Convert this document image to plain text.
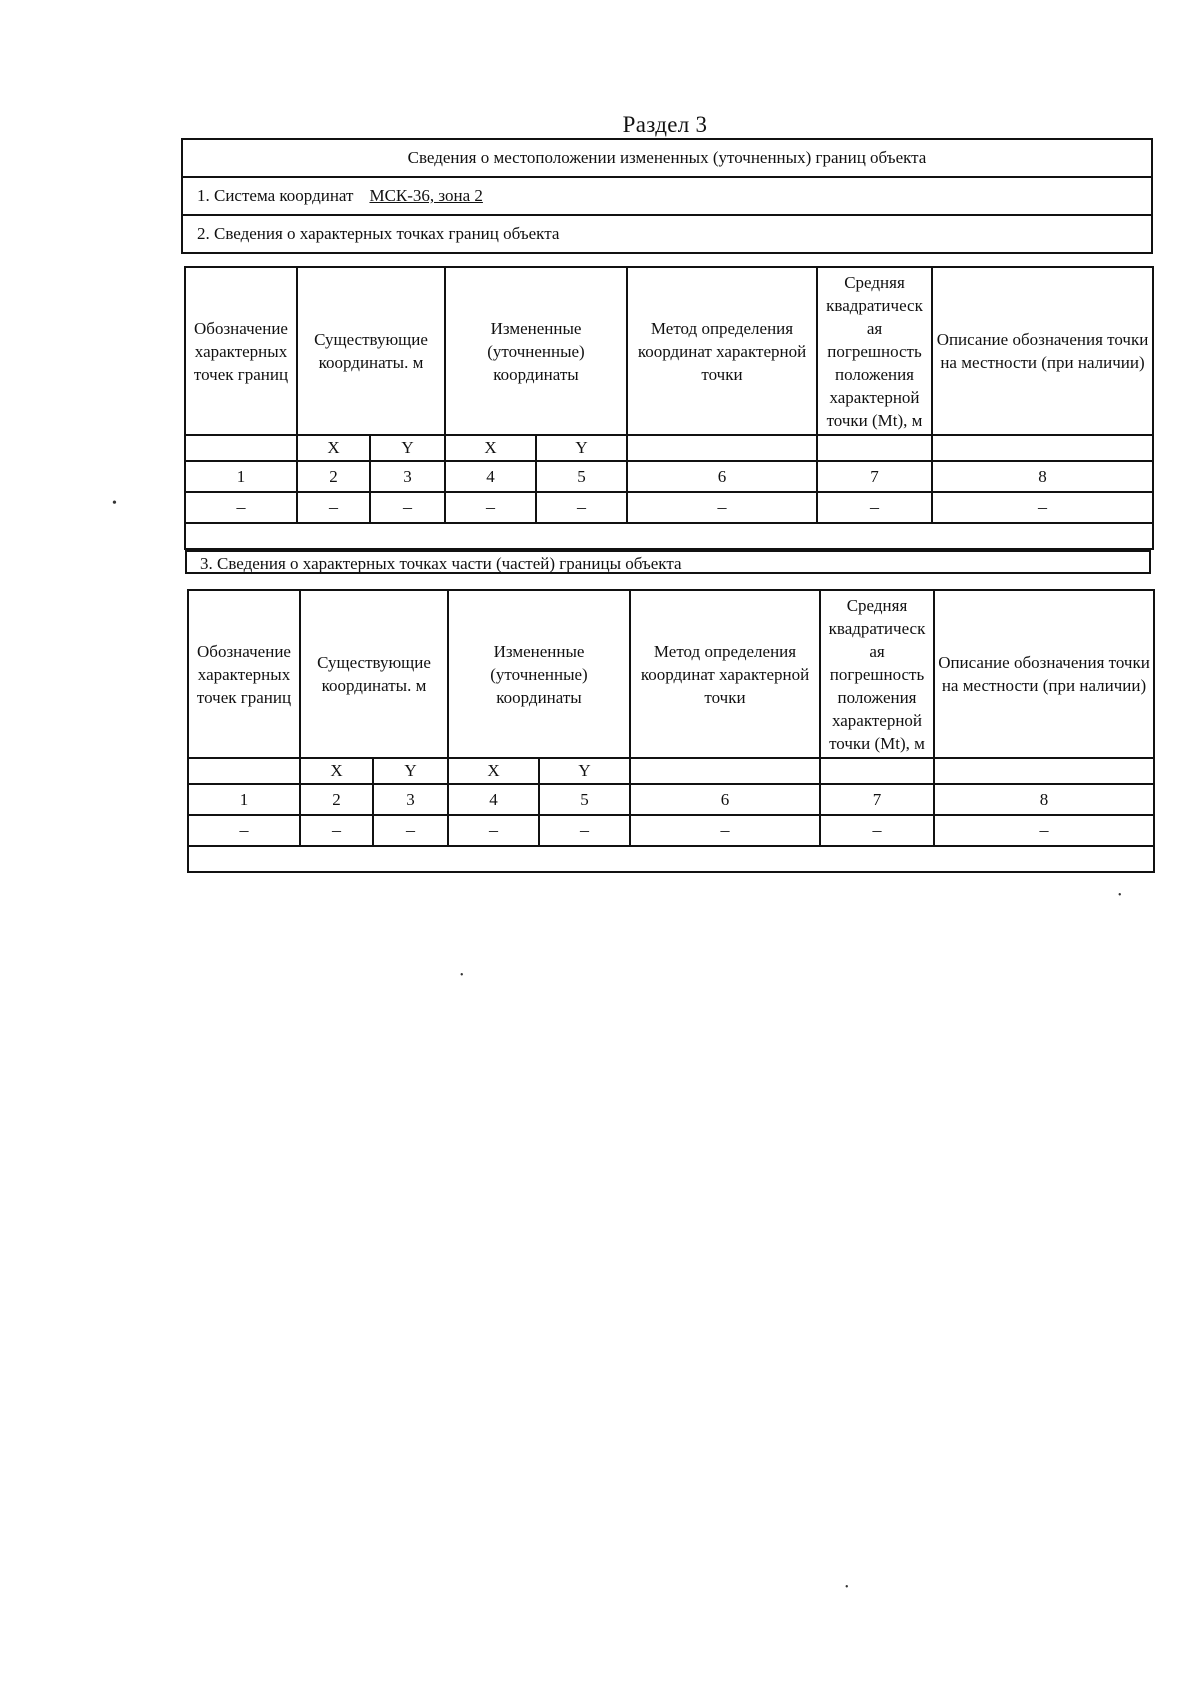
Раздел 3
Сведения о местоположении измененных (уточненных) границ объекта
1. Система координат МСК-36, зона 2
2. Сведения о характерных точках границ объекта
Обозначение характерных точек границ	Существующие координаты. м		Измененные (уточненные) координаты		Метод определения координат характерной точки	Средняя квадратическ ая погрешность положения характерной точки (Mt), м	Описание обозначения точки на местности (при наличии)
	X	Y	X	Y			
1	2	3	4	5	6	7	8
–	–	–	–	–	–	–	–

3. Сведения о характерных точках части (частей) границы объекта
Обозначение характерных точек границ	Существующие координаты. м		Измененные (уточненные) координаты		Метод определения координат характерной точки	Средняя квадратическ ая погрешность положения характерной точки (Mt), м	Описание обозначения точки на местности (при наличии)
	X	Y	X	Y			
1	2	3	4	5	6	7	8
–	–	–	–	–	–	–	–

•
•
•
•
